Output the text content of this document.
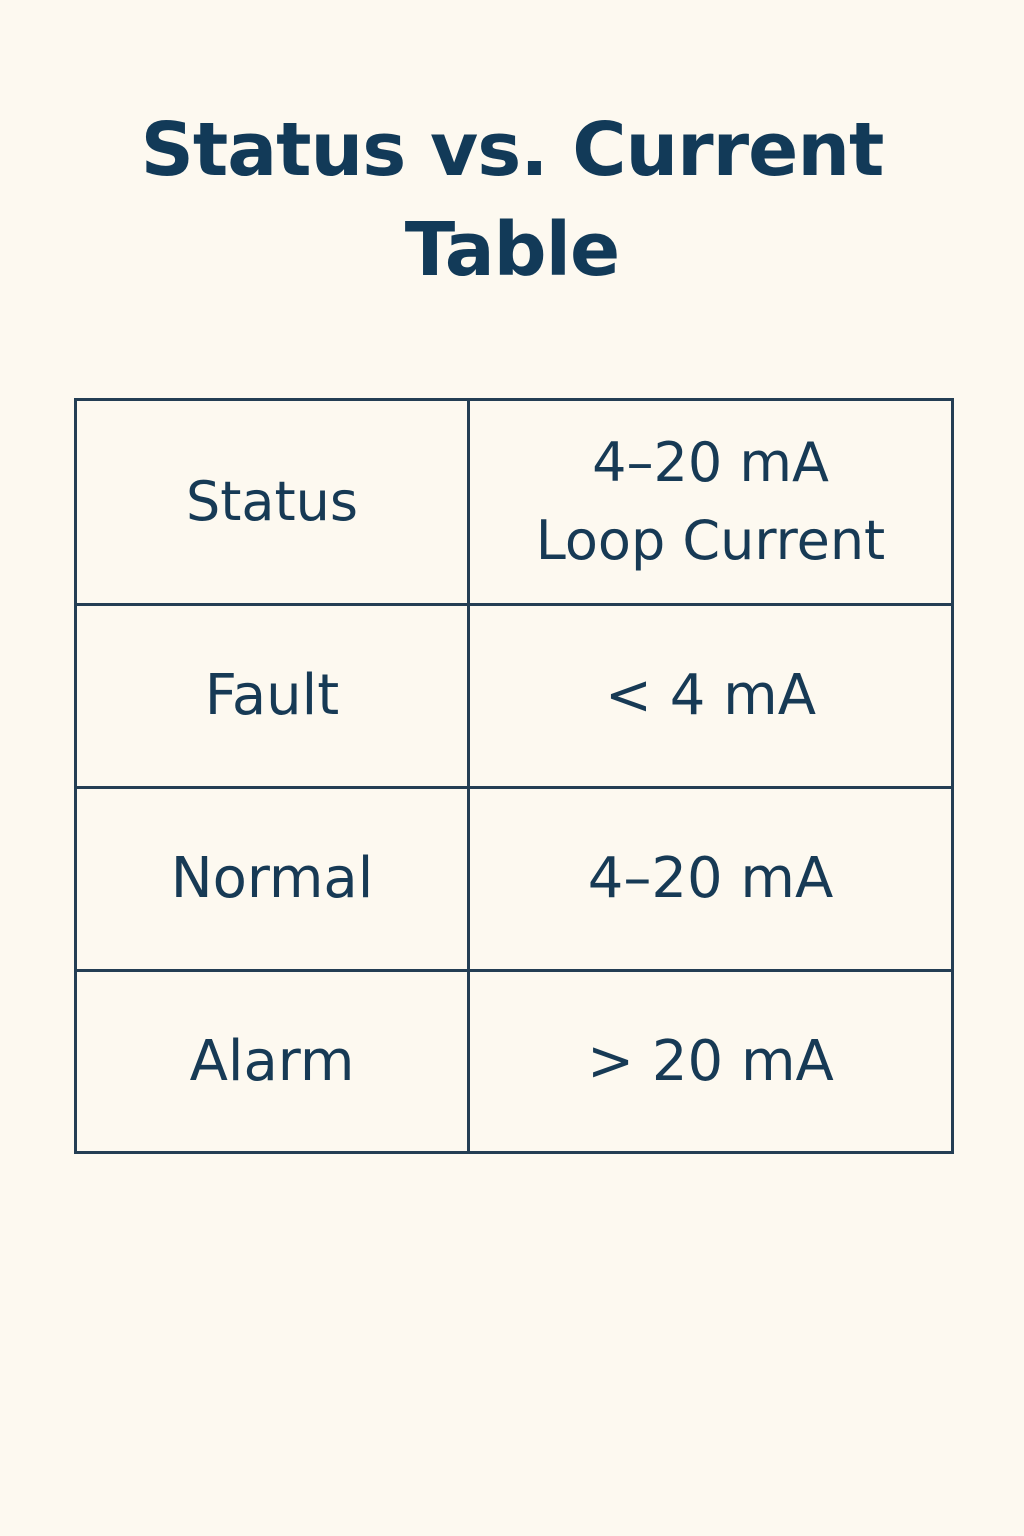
Status vs. Current
Table
Status	4–20 mA
Loop Current

Fault	< 4 mA
Normal	4–20 mA
Alarm	> 20 mA
